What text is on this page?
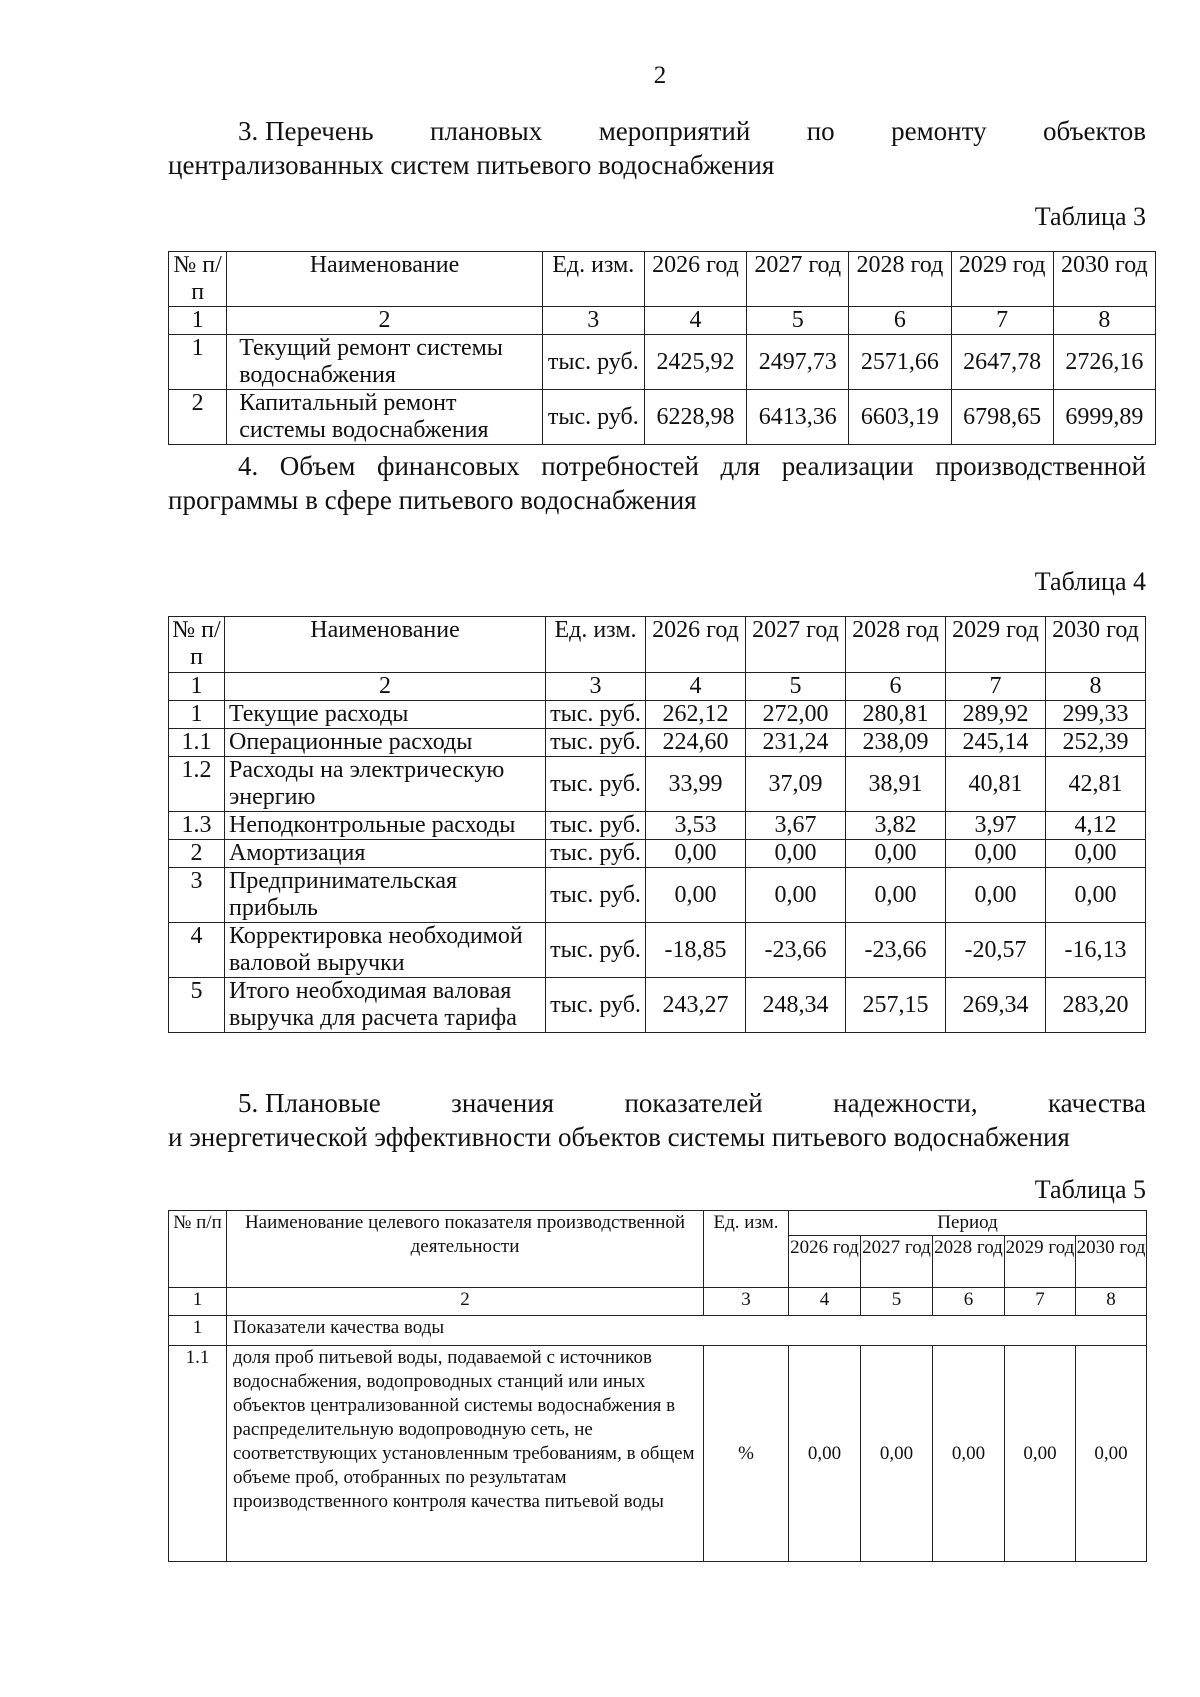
2
3. Перечень плановых мероприятий по ремонту объектов
централизованных систем питьевого водоснабжения
Таблица 3
№ п/п	Наименование	Ед. изм.	2026 год	2027 год	2028 год	2029 год	2030 год
1	2	3	4	5	6	7	8
1	Текущий ремонт системы водоснабжения	тыс. руб.	2425,92	2497,73	2571,66	2647,78	2726,16
2	Капитальный ремонт системы водоснабжения	тыс. руб.	6228,98	6413,36	6603,19	6798,65	6999,89
4. Объем финансовых потребностей для реализации производственной
программы в сфере питьевого водоснабжения
Таблица 4
№ п/п	Наименование	Ед. изм.	2026 год	2027 год	2028 год	2029 год	2030 год
1	2	3	4	5	6	7	8
1	Текущие расходы	тыс. руб.	262,12	272,00	280,81	289,92	299,33
1.1	Операционные расходы	тыс. руб.	224,60	231,24	238,09	245,14	252,39
1.2	Расходы на электрическую энергию	тыс. руб.	33,99	37,09	38,91	40,81	42,81
1.3	Неподконтрольные расходы	тыс. руб.	3,53	3,67	3,82	3,97	4,12
2	Амортизация	тыс. руб.	0,00	0,00	0,00	0,00	0,00
3	Предпринимательская прибыль	тыс. руб.	0,00	0,00	0,00	0,00	0,00
4	Корректировка необходимой валовой выручки	тыс. руб.	-18,85	-23,66	-23,66	-20,57	-16,13
5	Итого необходимая валовая выручка для расчета тарифа	тыс. руб.	243,27	248,34	257,15	269,34	283,20
5. Плановые	значения	показателей	надежности,	качества
и энергетической эффективности объектов системы питьевого водоснабжения
Таблица 5
№ п/п	Наименование целевого показателя производственной деятельности	Ед. изм.	Период				
			2026 год	2027 год	2028 год	2029 год	2030 год
1	2	3	4	5	6	7	8
1	Показатели качества воды						
1.1	доля проб питьевой воды, подаваемой с источников водоснабжения, водопроводных станций или иных объектов централизованной системы водоснабжения в распределительную водопроводную сеть, не соответствующих установленным требованиям, в общем объеме проб, отобранных по результатам производственного контроля качества питьевой воды	%	0,00	0,00	0,00	0,00	0,00
